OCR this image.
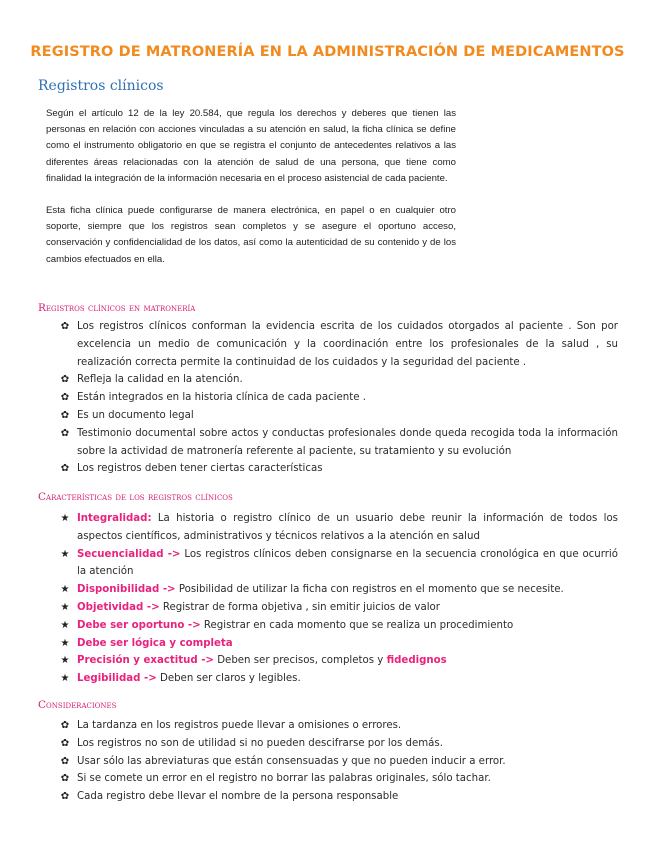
REGISTRO DE MATRONERÍA EN LA ADMINISTRACIÓN DE MEDICAMENTOS
Registros clínicos

Según el artículo 12 de la ley 20.584, que regula los derechos y deberes que tienen las personas en relación con acciones vinculadas a su atención en salud, la ficha clínica se define como el instrumento obligatorio en que se registra el conjunto de antecedentes relativos a las diferentes áreas relacionadas con la atención de salud de una persona, que tiene como finalidad la integración de la información necesaria en el proceso asistencial de cada paciente.

Esta ficha clínica puede configurarse de manera electrónica, en papel o en cualquier otro soporte, siempre que los registros sean completos y se asegure el oportuno acceso, conservación y confidencialidad de los datos, así como la autenticidad de su contenido y de los cambios efectuados en ella.

Registros clínicos en matronería
✿ Los registros clínicos conforman la evidencia escrita de los cuidados otorgados al paciente . Son por excelencia un medio de comunicación y la coordinación entre los profesionales de la salud , su realización correcta permite la continuidad de los cuidados y la seguridad del paciente .
✿ Refleja la calidad en la atención.
✿ Están integrados en la historia clínica de cada paciente .
✿ Es un documento legal
✿ Testimonio documental sobre actos y conductas profesionales donde queda recogida toda la información sobre la actividad de matronería referente al paciente, su tratamiento y su evolución
✿ Los registros deben tener ciertas características
Características de los registros clínicos
★ Integralidad: La historia o registro clínico de un usuario debe reunir la información de todos los aspectos científicos, administrativos y técnicos relativos a la atención en salud
★ Secuencialidad -> Los registros clínicos deben consignarse en la secuencia cronológica en que ocurrió la atención
★ Disponibilidad -> Posibilidad de utilizar la ficha con registros en el momento que se necesite.
★ Objetividad -> Registrar de forma objetiva , sin emitir juicios de valor
★ Debe ser oportuno -> Registrar en cada momento que se realiza un procedimiento
★ Debe ser lógica y completa
★ Precisión y exactitud -> Deben ser precisos, completos y fidedignos
★ Legibilidad -> Deben ser claros y legibles.
Consideraciones
✿ La tardanza en los registros puede llevar a omisiones o errores.
✿ Los registros no son de utilidad si no pueden descifrarse por los demás.
✿ Usar sólo las abreviaturas que están consensuadas y que no pueden inducir a error.
✿ Si se comete un error en el registro no borrar las palabras originales, sólo tachar.
✿ Cada registro debe llevar el nombre de la persona responsable
